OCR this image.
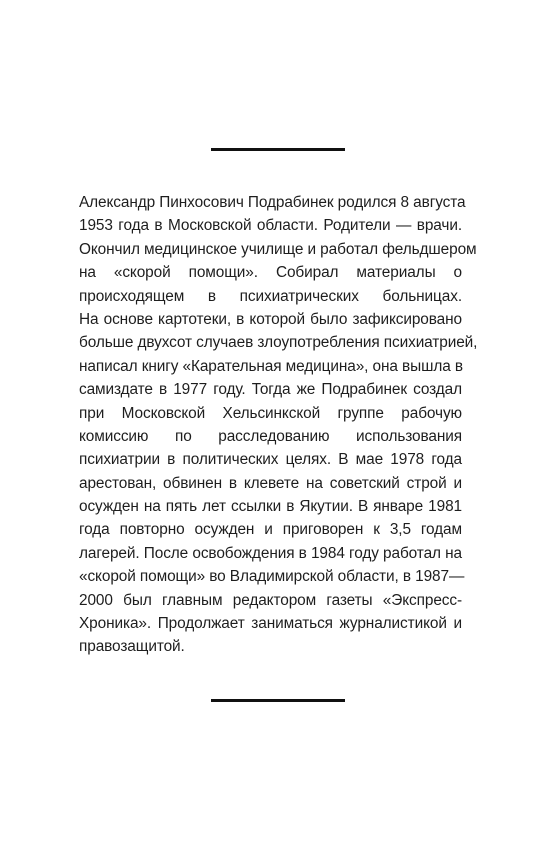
Александр Пинхосович Подрабинек родился 8 августа
1953 года в Московской области. Родители — врачи.
Окончил медицинское училище и работал фельдшером
на «скорой помощи». Собирал материалы о
происходящем в психиатрических больницах.
На основе картотеки, в которой было зафиксировано
больше двухсот случаев злоупотребления психиатрией,
написал книгу «Карательная медицина», она вышла в
самиздате в 1977 году. Тогда же Подрабинек создал
при Московской Хельсинкской группе рабочую
комиссию по расследованию использования
психиатрии в политических целях. В мае 1978 года
арестован, обвинен в клевете на советский строй и
осужден на пять лет ссылки в Якутии. В январе 1981
года повторно осужден и приговорен к 3,5 годам
лагерей. После освобождения в 1984 году работал на
«скорой помощи» во Владимирской области, в 1987—
2000 был главным редактором газеты «Экспресс-
Хроника». Продолжает заниматься журналистикой и
правозащитой.
